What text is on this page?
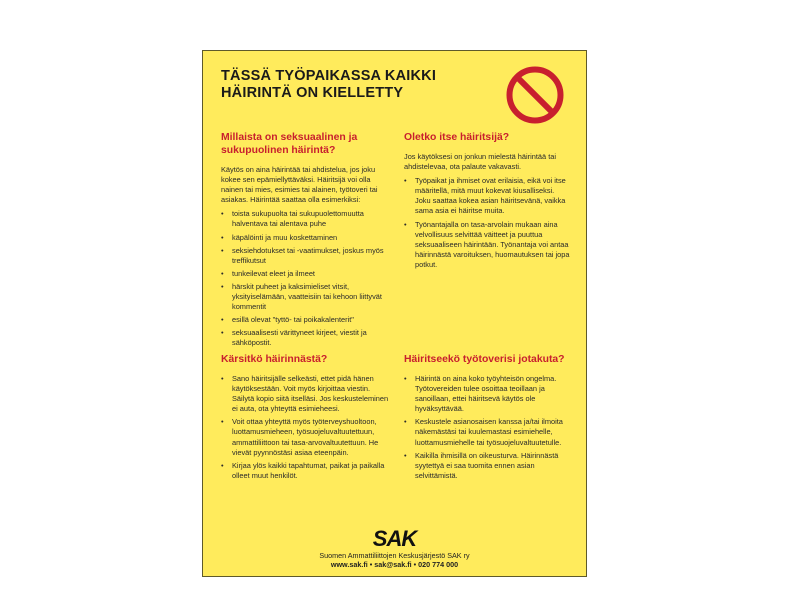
TÄSSÄ TYÖPAIKASSA KAIKKI HÄIRINTÄ ON KIELLETTY
Millaista on seksuaalinen ja sukupuolinen häirintä?

Käytös on aina häirintää tai ahdistelua, jos joku kokee sen epämiellyttäväksi. Häiritsijä voi olla nainen tai mies, esimies tai alainen, työtoveri tai asiakas. Häirintää saattaa olla esimerkiksi:

• toista sukupuolta tai sukupuolettomuutta halventava tai alentava puhe
• käpälöinti ja muu koskettaminen
• seksiehdotukset tai -vaatimukset, joskus myös treffikutsut
• tunkeilevat eleet ja ilmeet
• härskit puheet ja kaksimieliset vitsit, yksityiselämään, vaatteisiin tai kehoon liittyvät kommentit
• esillä olevat "tyttö- tai poikakalenterit"
• seksuaalisesti värittyneet kirjeet, viestit ja sähköpostit.
Oletko itse häiritsijä?

Jos käytöksesi on jonkun mielestä häirintää tai ahdistelevaa, ota palaute vakavasti.

• Työpaikat ja ihmiset ovat erilaisia, eikä voi itse määritellä, mitä muut kokevat kiusalliseksi. Joku saattaa kokea asian häiritsevänä, vaikka sama asia ei häiritse muita.
• Työnantajalla on tasa-arvolain mukaan aina velvollisuus selvittää väitteet ja puuttua seksuaaliseen häirintään. Työnantaja voi antaa häirinnästä varoituksen, huomautuksen tai jopa potkut.
Kärsitkö häirinnästä?
• Sano häiritsijälle selkeästi, ettet pidä hänen käytöksestään. Voit myös kirjoittaa viestin. Säilytä kopio siitä itselläsi. Jos keskusteleminen ei auta, ota yhteyttä esimieheesi.
• Voit ottaa yhteyttä myös työterveyshuoltoon, luottamusmieheen, työsuojeluvaltuutettuun, ammattiliittoon tai tasa-arvovaltuutettuun. He vievät pyynnöstäsi asiaa eteenpäin.
• Kirjaa ylös kaikki tapahtumat, paikat ja paikalla olleet muut henkilöt.
Häiritseekö työtoverisi jotakuta?
• Häirintä on aina koko työyhteisön ongelma. Työtovereiden tulee osoittaa teoillaan ja sanoillaan, ettei häiritsevä käytös ole hyväksyttävää.
• Keskustele asianosaisen kanssa ja/tai ilmoita näkemästäsi tai kuulemastasi esimiehelle, luottamusmiehelle tai työsuojeluvaltuutetulle.
• Kaikilla ihmisillä on oikeusturva. Häirinnästä syytettyä ei saa tuomita ennen asian selvittämistä.
SAK
Suomen Ammattiliittojen Keskusjärjestö SAK ry
www.sak.fi • sak@sak.fi • 020 774 000
